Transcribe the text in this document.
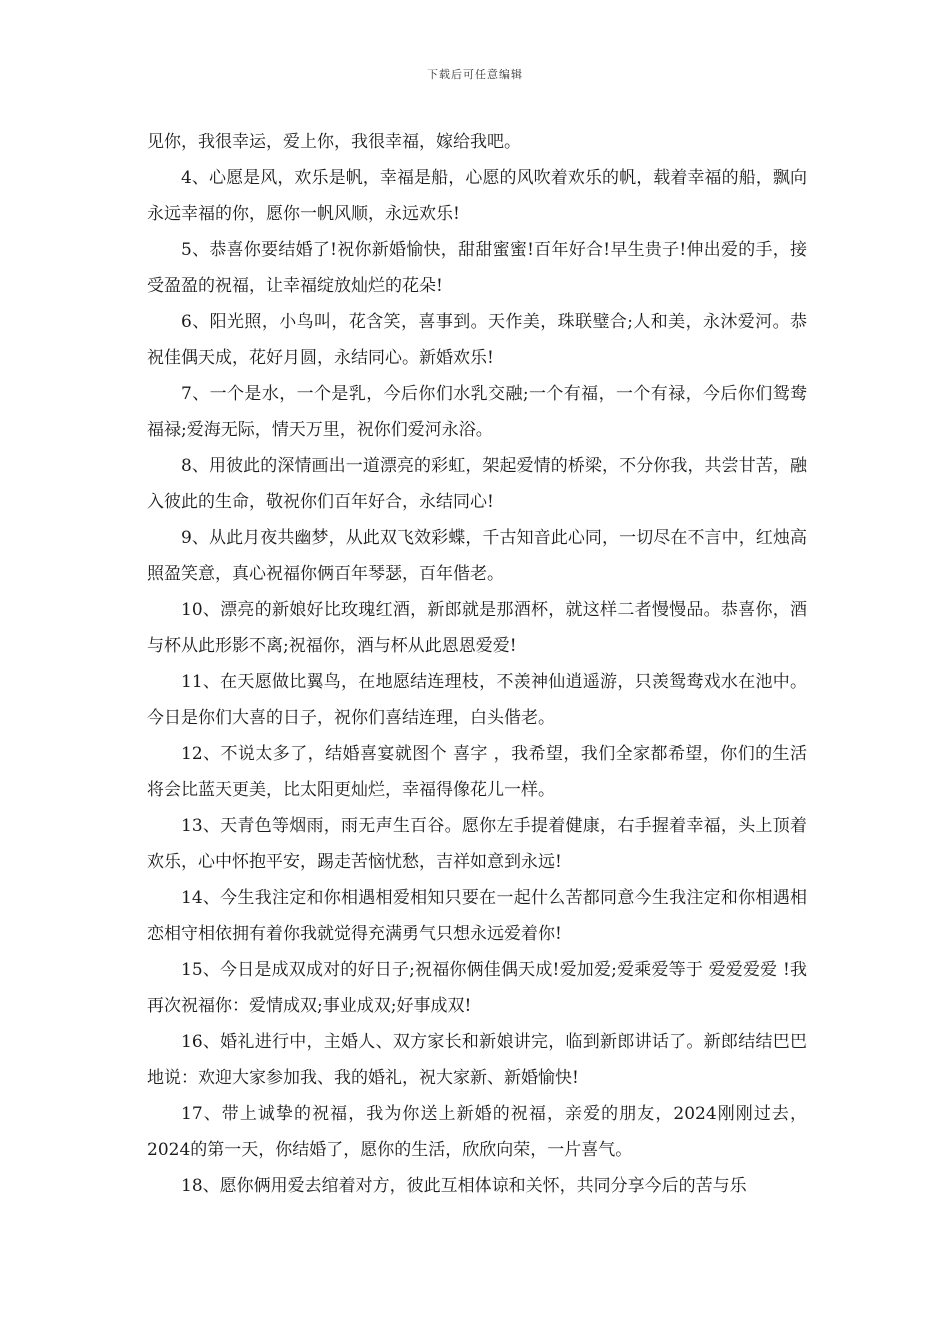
下载后可任意编辑

见你，我很幸运，爱上你，我很幸福，嫁给我吧。

4、心愿是风，欢乐是帆，幸福是船，心愿的风吹着欢乐的帆，载着幸福的船，飘向永远幸福的你，愿你一帆风顺，永远欢乐!

5、恭喜你要结婚了!祝你新婚愉快，甜甜蜜蜜!百年好合!早生贵子!伸出爱的手，接受盈盈的祝福，让幸福绽放灿烂的花朵!

6、阳光照，小鸟叫，花含笑，喜事到。天作美，珠联璧合;人和美，永沐爱河。恭祝佳偶天成，花好月圆，永结同心。新婚欢乐!

7、一个是水，一个是乳，今后你们水乳交融;一个有福，一个有禄，今后你们鸳鸯福禄;爱海无际，情天万里，祝你们爱河永浴。

8、用彼此的深情画出一道漂亮的彩虹，架起爱情的桥梁，不分你我，共尝甘苦，融入彼此的生命，敬祝你们百年好合，永结同心!

9、从此月夜共幽梦，从此双飞效彩蝶，千古知音此心同，一切尽在不言中，红烛高照盈笑意，真心祝福你俩百年琴瑟，百年偕老。

10、漂亮的新娘好比玫瑰红酒，新郎就是那酒杯，就这样二者慢慢品。恭喜你，酒与杯从此形影不离;祝福你，酒与杯从此恩恩爱爱!

11、在天愿做比翼鸟，在地愿结连理枝，不羡神仙逍遥游，只羡鸳鸯戏水在池中。今日是你们大喜的日子，祝你们喜结连理，白头偕老。

12、不说太多了，结婚喜宴就图个 喜字 ，我希望，我们全家都希望，你们的生活将会比蓝天更美，比太阳更灿烂，幸福得像花儿一样。

13、天青色等烟雨，雨无声生百谷。愿你左手提着健康，右手握着幸福，头上顶着欢乐，心中怀抱平安，踢走苦恼忧愁，吉祥如意到永远!

14、今生我注定和你相遇相爱相知只要在一起什么苦都同意今生我注定和你相遇相恋相守相依拥有着你我就觉得充满勇气只想永远爱着你!

15、今日是成双成对的好日子;祝福你俩佳偶天成!爱加爱;爱乘爱等于 爱爱爱爱 !我再次祝福你：爱情成双;事业成双;好事成双!

16、婚礼进行中，主婚人、双方家长和新娘讲完，临到新郎讲话了。新郎结结巴巴地说：欢迎大家参加我、我的婚礼，祝大家新、新婚愉快!

17、带上诚挚的祝福，我为你送上新婚的祝福，亲爱的朋友，2024刚刚过去，2024的第一天，你结婚了，愿你的生活，欣欣向荣，一片喜气。

18、愿你俩用爱去绾着对方，彼此互相体谅和关怀，共同分享今后的苦与乐
